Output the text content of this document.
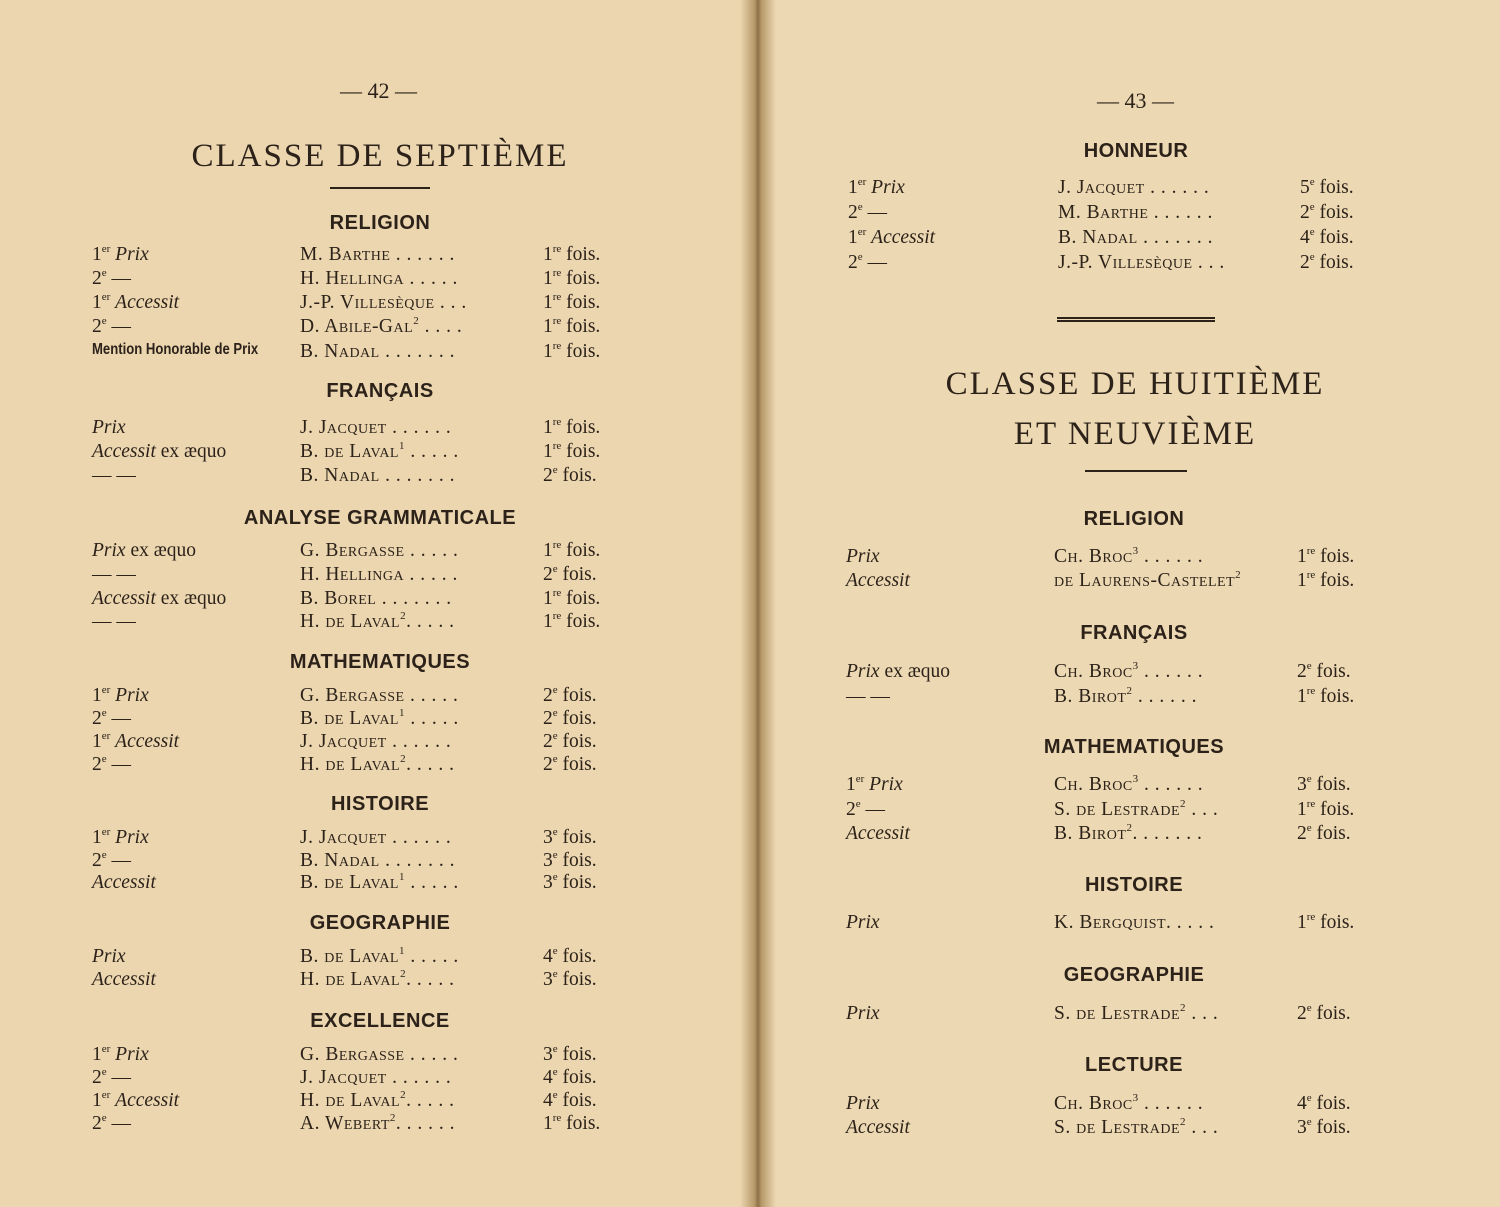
— 42 —
CLASSE DE SEPTIÈME
RELIGION
1er Prix	M. Barthe . . . . . .	1re fois.
2e —	H. Hellinga . . . . .	1re fois.
1er Accessit	J.-P. Villesèque . . .	1re fois.
2e —	D. Abile-Gal$^2$ . . . .	1re fois.
Mention Honorable de Prix B. Nadal . . . . . . .	1re fois.
FRANÇAIS
Prix	J. Jacquet . . . . . .	1re fois.
Accessit ex æquo	B. de Laval$^1$ . . . . .	1re fois.
— —	B. Nadal . . . . . . .	2e fois.
ANALYSE GRAMMATICALE
Prix ex æquo	G. Bergasse . . . . .	1re fois.
— —	H. Hellinga . . . . .	2e fois.
Accessit ex æquo	B. Borel . . . . . . .	1re fois.
— —	H. de Laval$^2$. . . . .	1re fois.
MATHEMATIQUES
1er Prix	G. Bergasse . . . . .	2e fois.
2e —	B. de Laval$^1$ . . . . .	2e fois.
1er Accessit	J. Jacquet . . . . . .	2e fois.
2e —	H. de Laval$^2$. . . . .	2e fois.
HISTOIRE
1er Prix	J. Jacquet . . . . . .	3e fois.
2e —	B. Nadal . . . . . . .	3e fois.
Accessit	B. de Laval$^1$ . . . . .	3e fois.
GEOGRAPHIE
Prix	B. de Laval$^1$ . . . . .	4e fois.
Accessit	H. de Laval$^2$. . . . .	3e fois.
EXCELLENCE
1er Prix	G. Bergasse . . . . .	3e fois.
2e —	J. Jacquet . . . . . .	4e fois.
1er Accessit	H. de Laval$^2$. . . . .	4e fois.
2e —	A. Webert$^2$. . . . . .	1re fois.
— 43 —
HONNEUR
1er Prix	J. Jacquet . . . . . .	5e fois.
2e —	M. Barthe . . . . . .	2e fois.
1er Accessit	B. Nadal . . . . . . .	4e fois.
2e —	J.-P. Villesèque . . .	2e fois.
CLASSE DE HUITIÈME
ET NEUVIÈME
RELIGION
Prix	Ch. Broc$^3$ . . . . . .	1re fois.
Accessit	de Laurens-Castelet$^2$	1re fois.
FRANÇAIS
Prix ex æquo	Ch. Broc$^3$ . . . . . .	2e fois.
— —	B. Birot$^2$ . . . . . .	1re fois.
MATHEMATIQUES
1er Prix	Ch. Broc$^3$ . . . . . .	3e fois.
2e —	S. de Lestrade$^2$ . . .	1re fois.
Accessit	B. Birot$^2$. . . . . . .	2e fois.
HISTOIRE
Prix	K. Bergquist. . . . .	1re fois.
GEOGRAPHIE
Prix	S. de Lestrade$^2$ . . .	2e fois.
LECTURE
Prix	Ch. Broc$^3$ . . . . . .	4e fois.
Accessit	S. de Lestrade$^2$ . . .	3e fois.
